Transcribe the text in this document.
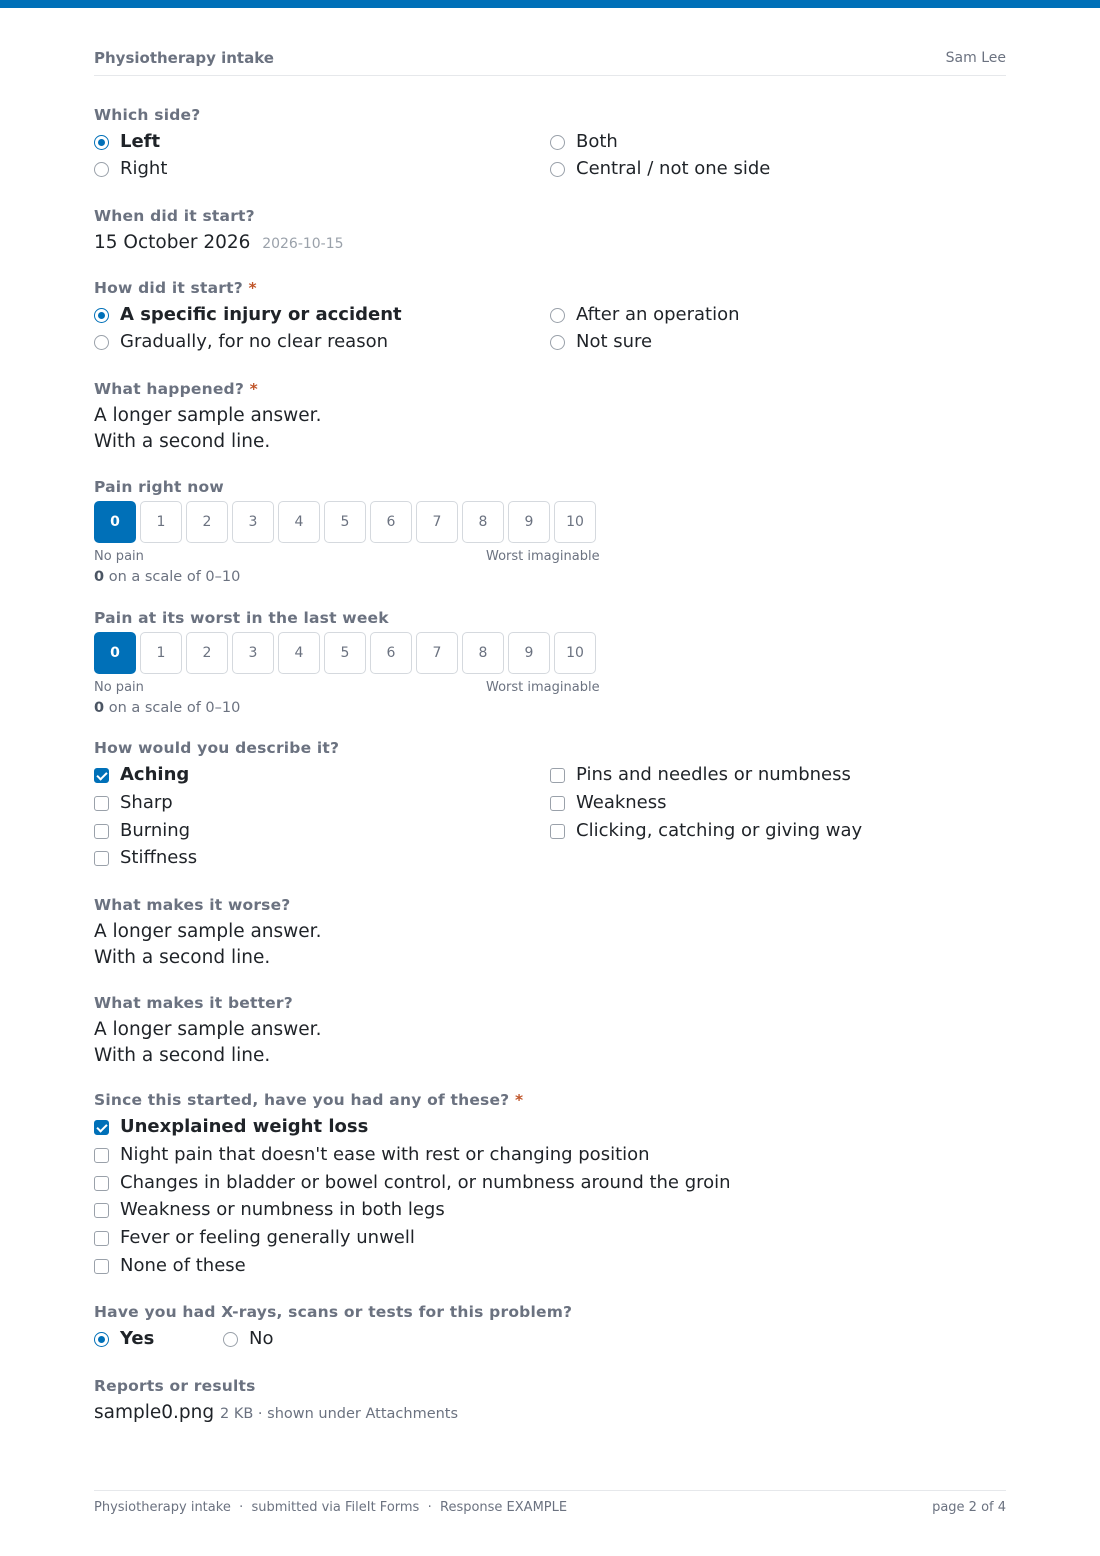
Physiotherapy intake	Sam Lee
Which side?
Left
Right
Both
Central / not one side
When did it start?
15 October 2026 2026-10-15
How did it start? *
A specific injury or accident
Gradually, for no clear reason
After an operation
Not sure
What happened? *
A longer sample answer.
With a second line.
Pain right now
0	1	2	3	4	5	6	7	8	9	10
No pain	Worst imaginable
0 on a scale of 0–10
Pain at its worst in the last week
0	1	2	3	4	5	6	7	8	9	10
No pain	Worst imaginable
0 on a scale of 0–10
How would you describe it?
Aching
Sharp
Burning
Stiffness
Pins and needles or numbness
Weakness
Clicking, catching or giving way
What makes it worse?
A longer sample answer.
With a second line.
What makes it better?
A longer sample answer.
With a second line.
Since this started, have you had any of these? *
Unexplained weight loss
Night pain that doesn't ease with rest or changing position
Changes in bladder or bowel control, or numbness around the groin
Weakness or numbness in both legs
Fever or feeling generally unwell
None of these
Have you had X-rays, scans or tests for this problem?
Yes	No
Reports or results
sample0.png 2 KB · shown under Attachments
Physiotherapy intake  ·  submitted via FileIt Forms  ·  Response EXAMPLE	page 2 of 4
